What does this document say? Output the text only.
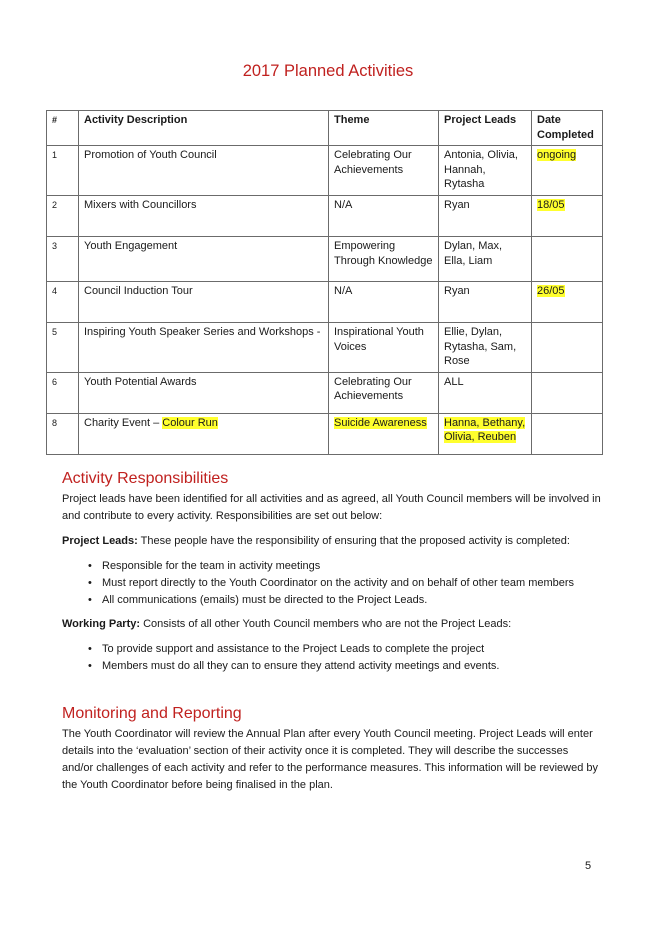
2017 Planned Activities
#	Activity Description	Theme	Project Leads	Date
Completed
1	Promotion of Youth Council	Celebrating Our Achievements	Antonia, Olivia, Hannah, Rytasha	ongoing
2	Mixers with Councillors	N/A	Ryan	18/05
3	Youth Engagement	Empowering Through Knowledge	Dylan, Max, Ella, Liam	
4	Council Induction Tour	N/A	Ryan	26/05
5	Inspiring Youth Speaker Series and Workshops -	Inspirational Youth Voices	Ellie, Dylan, Rytasha, Sam, Rose	
6	Youth Potential Awards	Celebrating Our Achievements	ALL	
8	Charity Event – Colour Run	Suicide Awareness	Hanna, Bethany, Olivia, Reuben	
Activity Responsibilities

Project leads have been identified for all activities and as agreed, all Youth Council members will be involved in and contribute to every activity. Responsibilities are set out below:

Project Leads: These people have the responsibility of ensuring that the proposed activity is completed:

• Responsible for the team in activity meetings
• Must report directly to the Youth Coordinator on the activity and on behalf of other team members
• All communications (emails) must be directed to the Project Leads.

Working Party: Consists of all other Youth Council members who are not the Project Leads:

• To provide support and assistance to the Project Leads to complete the project
• Members must do all they can to ensure they attend activity meetings and events.
Monitoring and Reporting

The Youth Coordinator will review the Annual Plan after every Youth Council meeting. Project Leads will enter details into the ‘evaluation’ section of their activity once it is completed. They will describe the successes and/or challenges of each activity and refer to the performance measures. This information will be reviewed by the Youth Coordinator before being finalised in the plan.

5
